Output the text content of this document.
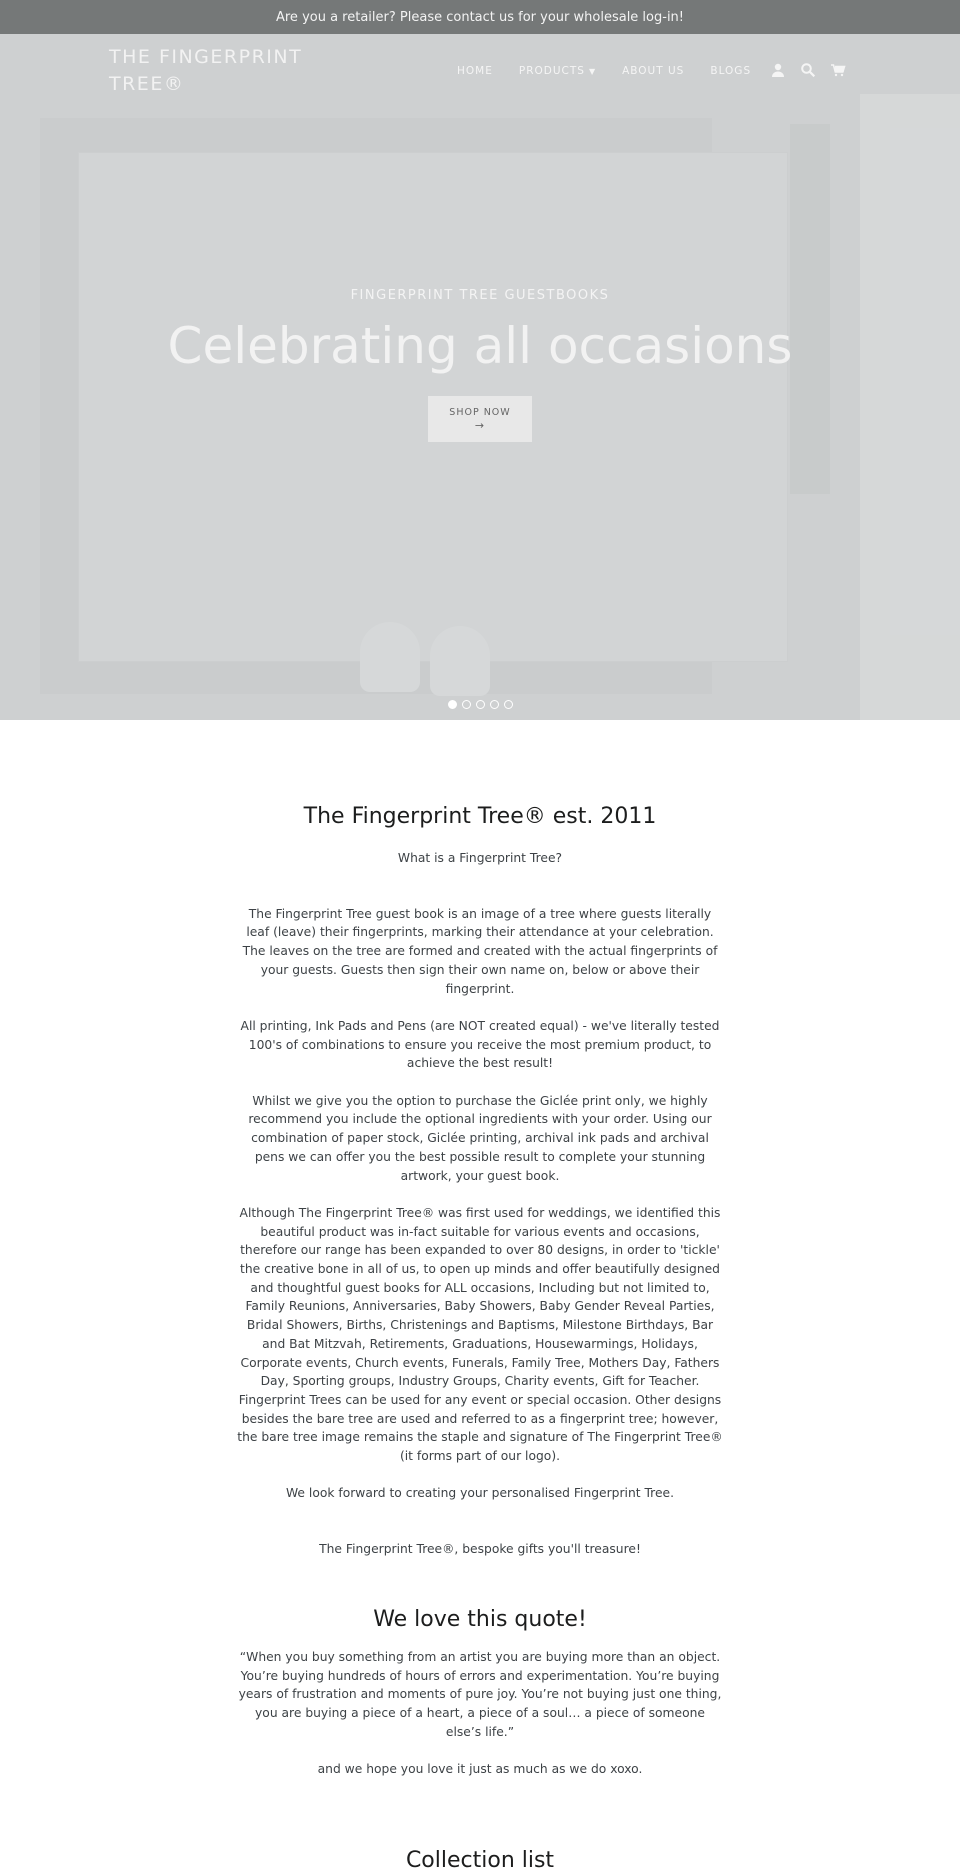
Are you a retailer? Please contact us for your wholesale log-in!
FINGERPRINT TREE GUESTBOOKS
Celebrating all occasions
SHOP NOW
→
THE FINGERPRINT TREE®
HOME PRODUCTS ▼ ABOUT US BLOGS
The Fingerprint Tree® est. 2011

What is a Fingerprint Tree?

The Fingerprint Tree guest book is an image of a tree where guests literally leaf (leave) their fingerprints, marking their attendance at your celebration. The leaves on the tree are formed and created with the actual fingerprints of your guests. Guests then sign their own name on, below or above their fingerprint.

All printing, Ink Pads and Pens (are NOT created equal) - we've literally tested 100's of combinations to ensure you receive the most premium product, to achieve the best result!

Whilst we give you the option to purchase the Giclée print only, we highly recommend you include the optional ingredients with your order. Using our combination of paper stock, Giclée printing, archival ink pads and archival pens we can offer you the best possible result to complete your stunning artwork, your guest book.

Although The Fingerprint Tree® was first used for weddings, we identified this beautiful product was in-fact suitable for various events and occasions, therefore our range has been expanded to over 80 designs, in order to 'tickle' the creative bone in all of us, to open up minds and offer beautifully designed and thoughtful guest books for ALL occasions, Including but not limited to, Family Reunions, Anniversaries, Baby Showers, Baby Gender Reveal Parties, Bridal Showers, Births, Christenings and Baptisms, Milestone Birthdays, Bar and Bat Mitzvah, Retirements, Graduations, Housewarmings, Holidays, Corporate events, Church events, Funerals, Family Tree, Mothers Day, Fathers Day, Sporting groups, Industry Groups, Charity events, Gift for Teacher. Fingerprint Trees can be used for any event or special occasion. Other designs besides the bare tree are used and referred to as a fingerprint tree; however, the bare tree image remains the staple and signature of The Fingerprint Tree® (it forms part of our logo).

We look forward to creating your personalised Fingerprint Tree.

The Fingerprint Tree®, bespoke gifts you'll treasure!

We love this quote!

“When you buy something from an artist you are buying more than an object. You’re buying hundreds of hours of errors and experimentation. You’re buying years of frustration and moments of pure joy. You’re not buying just one thing, you are buying a piece of a heart, a piece of a soul… a piece of someone else’s life.”

and we hope you love it just as much as we do xoxo.

Collection list
